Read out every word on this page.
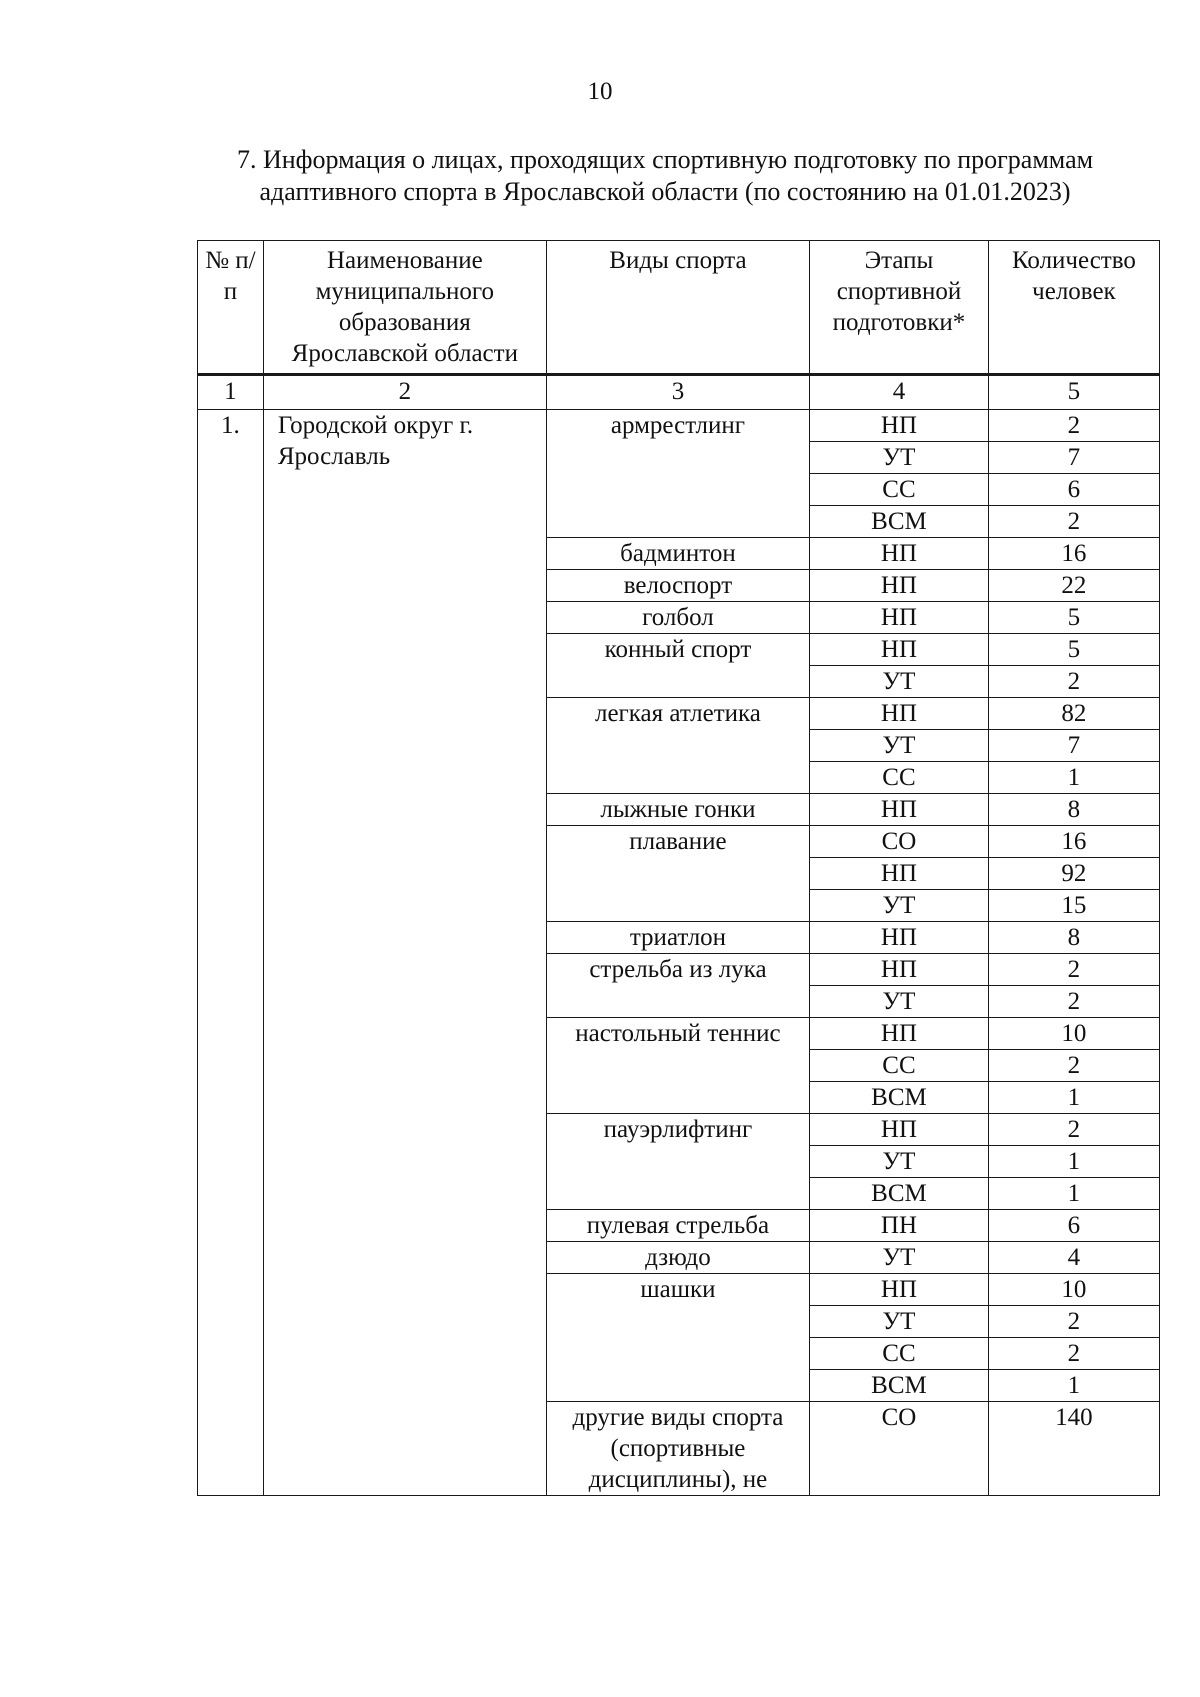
10
7. Информация о лицах, проходящих спортивную подготовку по программам
адаптивного спорта в Ярославской области (по состоянию на 01.01.2023)
№ п/п	Наименование муниципального образования Ярославской области	Виды спорта	Этапы спортивной подготовки*	Количество человек
1	2	3	4	5
1.	Городской округ г. Ярославль	армрестлинг	НП	2
			УТ	7
			СС	6
			ВСМ	2
		бадминтон	НП	16
		велоспорт	НП	22
		голбол	НП	5
		конный спорт	НП	5
			УТ	2
		легкая атлетика	НП	82
			УТ	7
			СС	1
		лыжные гонки	НП	8
		плавание	СО	16
			НП	92
			УТ	15
		триатлон	НП	8
		стрельба из лука	НП	2
			УТ	2
		настольный теннис	НП	10
			СС	2
			ВСМ	1
		пауэрлифтинг	НП	2
			УТ	1
			ВСМ	1
		пулевая стрельба	ПН	6
		дзюдо	УТ	4
		шашки	НП	10
			УТ	2
			СС	2
			ВСМ	1
		другие виды спорта (спортивные дисциплины), не	СО	140
